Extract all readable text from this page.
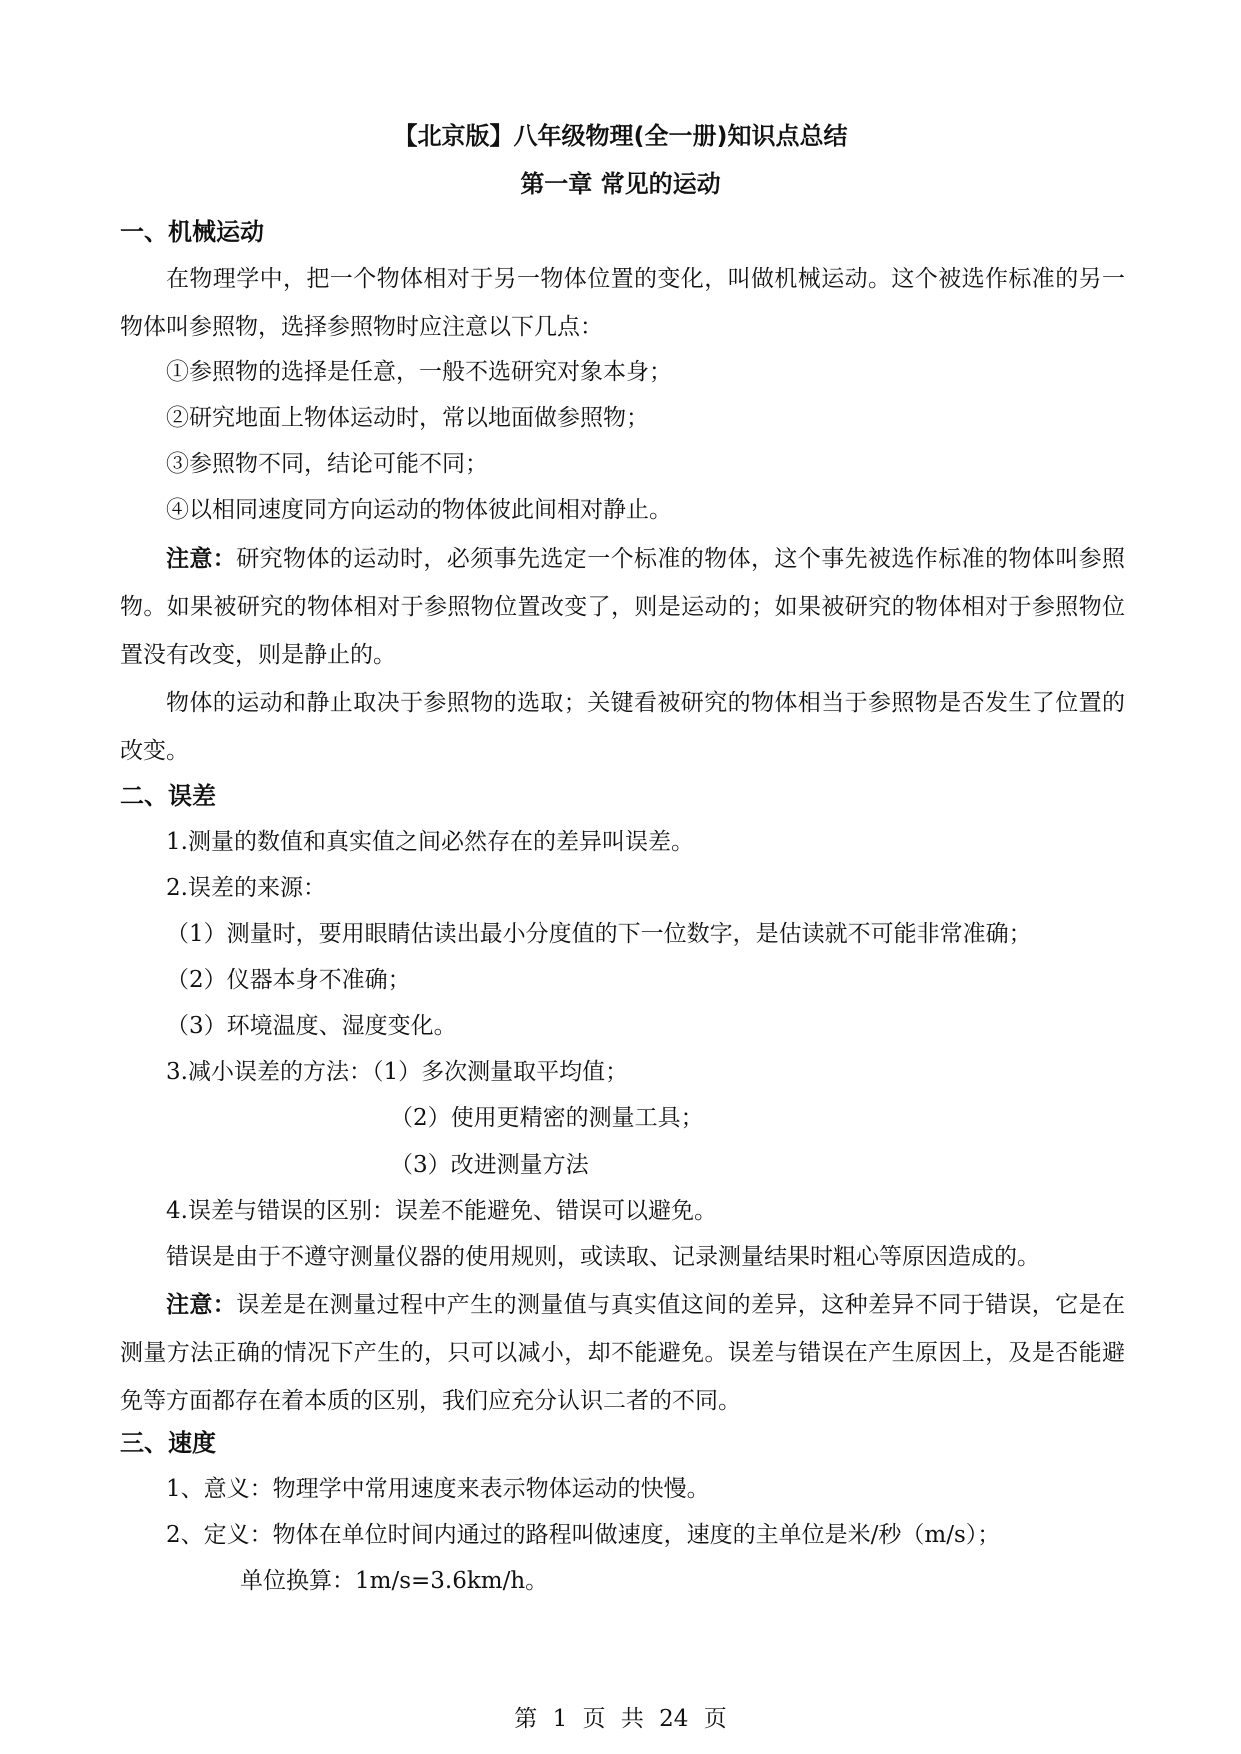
【北京版】八年级物理(全一册)知识点总结
第一章 常见的运动
一、机械运动
在物理学中，把一个物体相对于另一物体位置的变化，叫做机械运动。这个被选作标准的另一物体叫参照物，选择参照物时应注意以下几点：
①参照物的选择是任意，一般不选研究对象本身；
②研究地面上物体运动时，常以地面做参照物；
③参照物不同，结论可能不同；
④以相同速度同方向运动的物体彼此间相对静止。
注意：研究物体的运动时，必须事先选定一个标准的物体，这个事先被选作标准的物体叫参照物。如果被研究的物体相对于参照物位置改变了，则是运动的；如果被研究的物体相对于参照物位置没有改变，则是静止的。
物体的运动和静止取决于参照物的选取；关键看被研究的物体相当于参照物是否发生了位置的改变。
二、误差
1.测量的数值和真实值之间必然存在的差异叫误差。
2.误差的来源：
（1）测量时，要用眼睛估读出最小分度值的下一位数字，是估读就不可能非常准确；
（2）仪器本身不准确；
（3）环境温度、湿度变化。
3.减小误差的方法：（1）多次测量取平均值；
（2）使用更精密的测量工具；
（3）改进测量方法
4.误差与错误的区别：误差不能避免、错误可以避免。
错误是由于不遵守测量仪器的使用规则，或读取、记录测量结果时粗心等原因造成的。
注意：误差是在测量过程中产生的测量值与真实值这间的差异，这种差异不同于错误，它是在测量方法正确的情况下产生的，只可以减小，却不能避免。误差与错误在产生原因上，及是否能避免等方面都存在着本质的区别，我们应充分认识二者的不同。
三、速度
1、意义：物理学中常用速度来表示物体运动的快慢。
2、定义：物体在单位时间内通过的路程叫做速度，速度的主单位是米/秒（m/s）；
单位换算：1m/s=3.6km/h。
第 1 页 共 24 页
